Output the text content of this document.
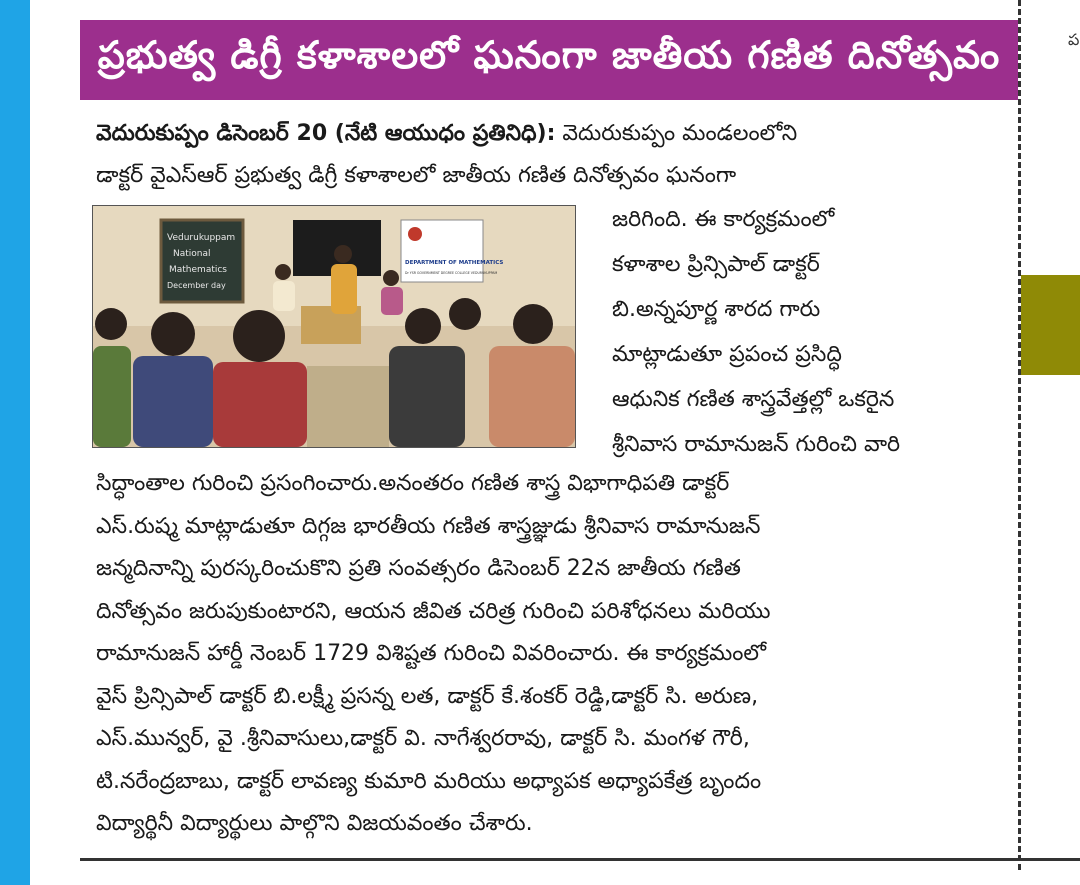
ప్రభుత్వ డిగ్రీ కళాశాలలో ఘనంగా జాతీయ గణిత దినోత్సవం	ప
వెదురుకుప్పం డిసెంబర్ 20 (నేటి ఆయుధం ప్రతినిధి): వెదురుకుప్పం మండలంలోని
డాక్టర్ వైఎస్ఆర్ ప్రభుత్వ డిగ్రీ కళాశాలలో జాతీయ గణిత దినోత్సవం ఘనంగా
Vedurukuppam
National
Mathematics
December day
DEPARTMENT OF MATHEMATICS
Dr YSR GOVERNMENT DEGREE COLLEGE VEDURUKUPPAM
జరిగింది. ఈ కార్యక్రమంలో
కళాశాల ప్రిన్సిపాల్ డాక్టర్
బి.అన్నపూర్ణ శారద గారు
మాట్లాడుతూ ప్రపంచ ప్రసిద్ధి
ఆధునిక గణిత శాస్త్రవేత్తల్లో ఒకరైన
శ్రీనివాస రామానుజన్ గురించి వారి
సిద్ధాంతాల గురించి ప్రసంగించారు.అనంతరం గణిత శాస్త్ర విభాగాధిపతి డాక్టర్
ఎస్.రుష్మ మాట్లాడుతూ దిగ్గజ భారతీయ గణిత శాస్త్రజ్ఞుడు శ్రీనివాస రామానుజన్
జన్మదినాన్ని పురస్కరించుకొని ప్రతి సంవత్సరం డిసెంబర్ 22న జాతీయ గణిత
దినోత్సవం జరుపుకుంటారని, ఆయన జీవిత చరిత్ర గురించి పరిశోధనలు మరియు
రామానుజన్ హార్డీ నెంబర్ 1729 విశిష్టత గురించి వివరించారు. ఈ కార్యక్రమంలో
వైస్ ప్రిన్సిపాల్ డాక్టర్ బి.లక్ష్మీ ప్రసన్న లత, డాక్టర్ కే.శంకర్ రెడ్డి,డాక్టర్ సి. అరుణ,
ఎస్.మున్వర్, వై .శ్రీనివాసులు,డాక్టర్ వి. నాగేశ్వరరావు, డాక్టర్ సి. మంగళ గౌరీ,
టి.నరేంద్రబాబు, డాక్టర్ లావణ్య కుమారి మరియు అధ్యాపక అధ్యాపకేత్ర బృందం
విద్యార్థినీ విద్యార్థులు పాల్గొని విజయవంతం చేశారు.
